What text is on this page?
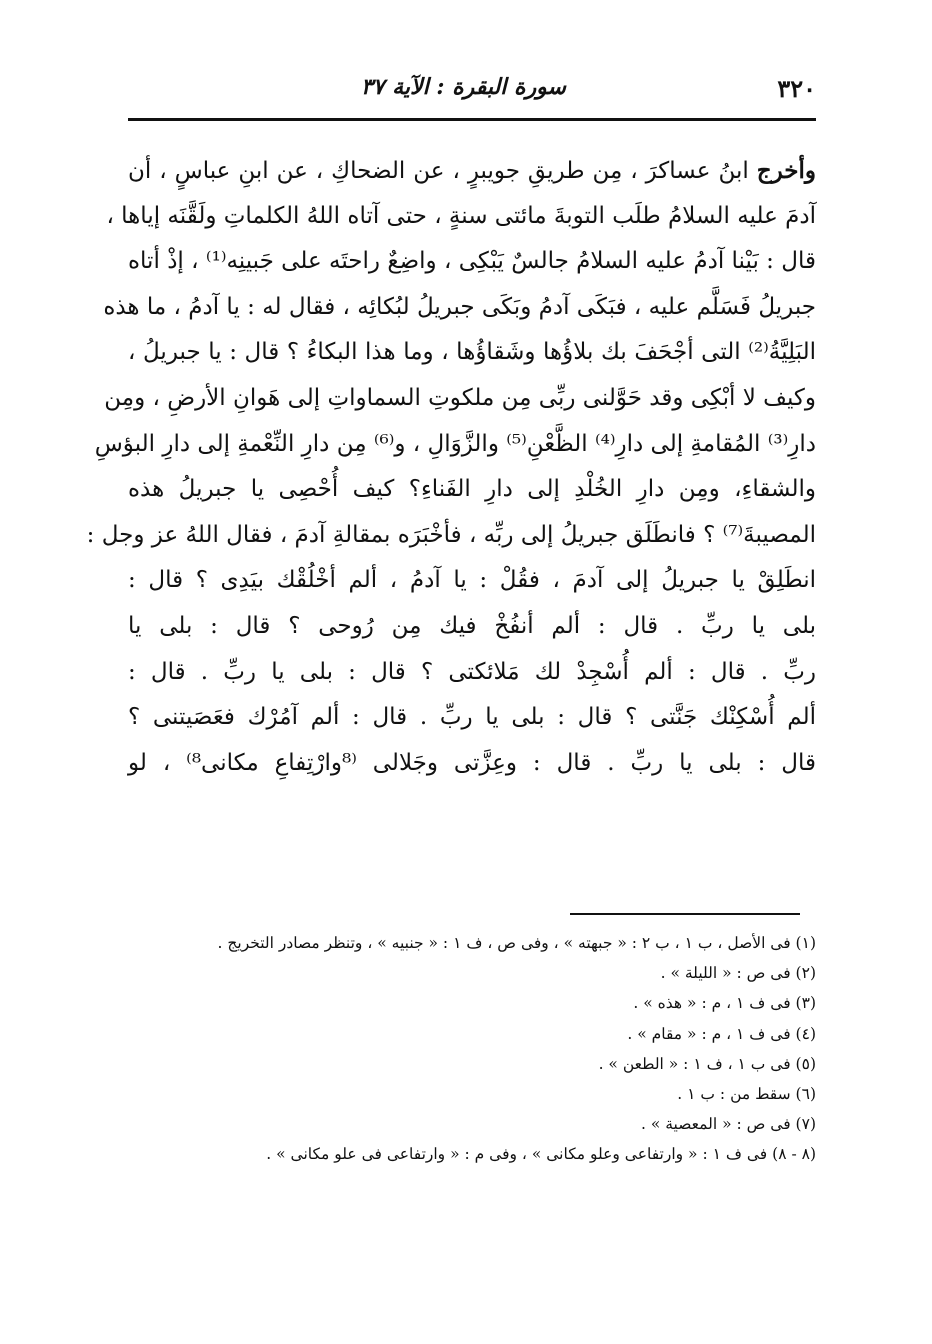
٣٢٠
سورة البقرة : الآية ٣٧
وأخرج ابنُ عساكرَ ، مِن طريقِ جويبرٍ ، عن الضحاكِ ، عن ابنِ عباسٍ ، أن
آدمَ عليه السلامُ طلَب التوبةَ مائتى سنةٍ ، حتى آتاه اللهُ الكلماتِ ولَقَّنَه إياها ،
قال : بَيْنا آدمُ عليه السلامُ جالسٌ يَبْكِى ، واضِعٌ راحتَه على جَبينِه⁽¹⁾ ، إذْ أتاه
جبريلُ فَسَلَّم عليه ، فبَكَى آدمُ وبَكَى جبريلُ لبُكائِه ، فقال له : يا آدمُ ، ما هذه
البَلِيَّةُ⁽²⁾ التى أجْحَفَ بك بلاؤُها وشَقاؤُها ، وما هذا البكاءُ ؟ قال : يا جبريلُ ،
وكيف لا أبْكِى وقد حَوَّلنى ربِّى مِن ملكوتِ السماواتِ إلى هَوانِ الأرضِ ، ومِن
دارِ⁽³⁾ المُقامةِ إلى دارِ⁽⁴⁾ الظَّعْنِ⁽⁵⁾ والزَّوَالِ ، و⁽⁶⁾ مِن دارِ النِّعْمةِ إلى دارِ البؤسِ
والشقاءِ، ومِن دارِ الخُلْدِ إلى دارِ الفَناءِ؟ كيف أُحْصِى يا جبريلُ هذه
المصيبةَ⁽⁷⁾ ؟ فانطَلَق جبريلُ إلى ربِّه ، فأخْبَرَه بمقالةِ آدمَ ، فقال اللهُ عز وجل :
انطَلِقْ يا جبريلُ إلى آدمَ ، فقُلْ : يا آدمُ ، ألم أخْلُقْك بيَدِى ؟ قال :
بلى يا ربِّ . قال : ألم أنفُخْ فيك مِن رُوحى ؟ قال : بلى يا
ربِّ . قال : ألم أُسْجِدْ لك مَلائكتى ؟ قال : بلى يا ربِّ . قال :
ألم أُسْكِنْك جَنَّتى ؟ قال : بلى يا ربِّ . قال : ألم آمُرْك فعَصَيتنى ؟
قال : بلى يا ربِّ . قال : وعِزَّتى وجَلالى ⁽⁸وارْتِفاعِ مكانى⁸⁾ ، لو
(١) فى الأصل ، ب ١ ، ب ٢ : « جبهته » ، وفى ص ، ف ١ : « جنبيه » ، وتنظر مصادر التخريج .
(٢) فى ص : « الليلة » .
(٣) فى ف ١ ، م : « هذه » .
(٤) فى ف ١ ، م : « مقام » .
(٥) فى ب ١ ، ف ١ : « الطعن » .
(٦) سقط من : ب ١ .
(٧) فى ص : « المعصية » .
(٨ - ٨) فى ف ١ : « وارتفاعى وعلو مكانى » ، وفى م : « وارتفاعى فى علو مكانى » .
